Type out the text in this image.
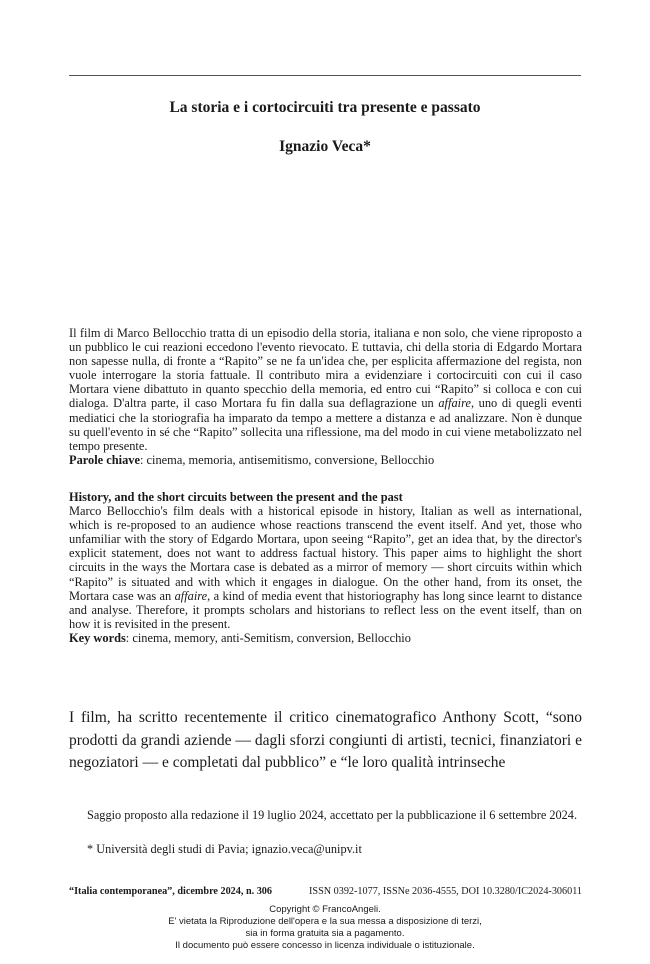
La storia e i cortocircuiti tra presente e passato
Ignazio Veca*

Il film di Marco Bellocchio tratta di un episodio della storia, italiana e non solo, che viene riproposto a un pubblico le cui reazioni eccedono l'evento rievocato. E tuttavia, chi della storia di Edgardo Mortara non sapesse nulla, di fronte a “Rapito” se ne fa un'idea che, per esplicita affermazione del regista, non vuole interrogare la storia fattuale. Il contributo mira a evidenziare i cortocircuiti con cui il caso Mortara viene dibattuto in quanto specchio della memoria, ed entro cui “Rapito” si colloca e con cui dialoga. D'altra parte, il caso Mortara fu fin dalla sua deflagrazione un affaire, uno di quegli eventi mediatici che la storiografia ha imparato da tempo a mettere a distanza e ad analizzare. Non è dunque su quell'evento in sé che “Rapito” sollecita una riflessione, ma del modo in cui viene metabolizzato nel tempo presente.

Parole chiave: cinema, memoria, antisemitismo, conversione, Bellocchio

History, and the short circuits between the present and the past

Marco Bellocchio's film deals with a historical episode in history, Italian as well as international, which is re-proposed to an audience whose reactions transcend the event itself. And yet, those who unfamiliar with the story of Edgardo Mortara, upon seeing “Rapito”, get an idea that, by the director's explicit statement, does not want to address factual history. This paper aims to highlight the short circuits in the ways the Mortara case is debated as a mirror of memory — short circuits within which “Rapito” is situated and with which it engages in dialogue. On the other hand, from its onset, the Mortara case was an affaire, a kind of media event that historiography has long since learnt to distance and analyse. Therefore, it prompts scholars and historians to reflect less on the event itself, than on how it is revisited in the present.

Key words: cinema, memory, anti-Semitism, conversion, Bellocchio

I film, ha scritto recentemente il critico cinematografico Anthony Scott, “sono prodotti da grandi aziende — dagli sforzi congiunti di artisti, tecnici, finanziatori e negoziatori — e completati dal pubblico” e “le loro qualità intrinseche

Saggio proposto alla redazione il 19 luglio 2024, accettato per la pubblicazione il 6 settembre 2024.
* Università degli studi di Pavia; ignazio.veca@unipv.it
“Italia contemporanea”, dicembre 2024, n. 306	ISSN 0392-1077, ISSNe 2036-4555, DOI 10.3280/IC2024-306011
Copyright © FrancoAngeli.
E' vietata la Riproduzione dell'opera e la sua messa a disposizione di terzi,
sia in forma gratuita sia a pagamento.
Il documento può essere concesso in licenza individuale o istituzionale.
